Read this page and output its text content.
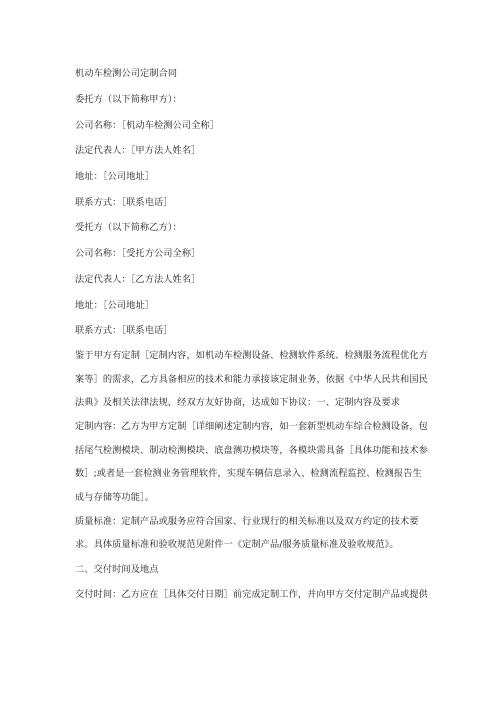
机动车检测公司定制合同
委托方（以下简称甲方）：
公司名称：［机动车检测公司全称］
法定代表人：［甲方法人姓名］
地址：［公司地址］
联系方式：［联系电话］
受托方（以下简称乙方）：
公司名称：［受托方公司全称］
法定代表人：［乙方法人姓名］
地址：［公司地址］
联系方式：［联系电话］
鉴于甲方有定制［定制内容，如机动车检测设备、检测软件系统、检测服务流程优化方
案等］的需求，乙方具备相应的技术和能力承接该定制业务，依据《中华人民共和国民
法典》及相关法律法规，经双方友好协商，达成如下协议：一、定制内容及要求
定制内容：乙方为甲方定制［详细阐述定制内容，如一套新型机动车综合检测设备，包
括尾气检测模块、制动检测模块、底盘测功模块等，各模块需具备［具体功能和技术参
数］;或者是一套检测业务管理软件，实现车辆信息录入、检测流程监控、检测报告生
成与存储等功能］。
质量标准：定制产品或服务应符合国家、行业现行的相关标准以及双方约定的技术要
求。具体质量标准和验收规范见附件一《定制产品/服务质量标准及验收规范》。
二、交付时间及地点
交付时间：乙方应在［具体交付日期］前完成定制工作，并向甲方交付定制产品或提供
